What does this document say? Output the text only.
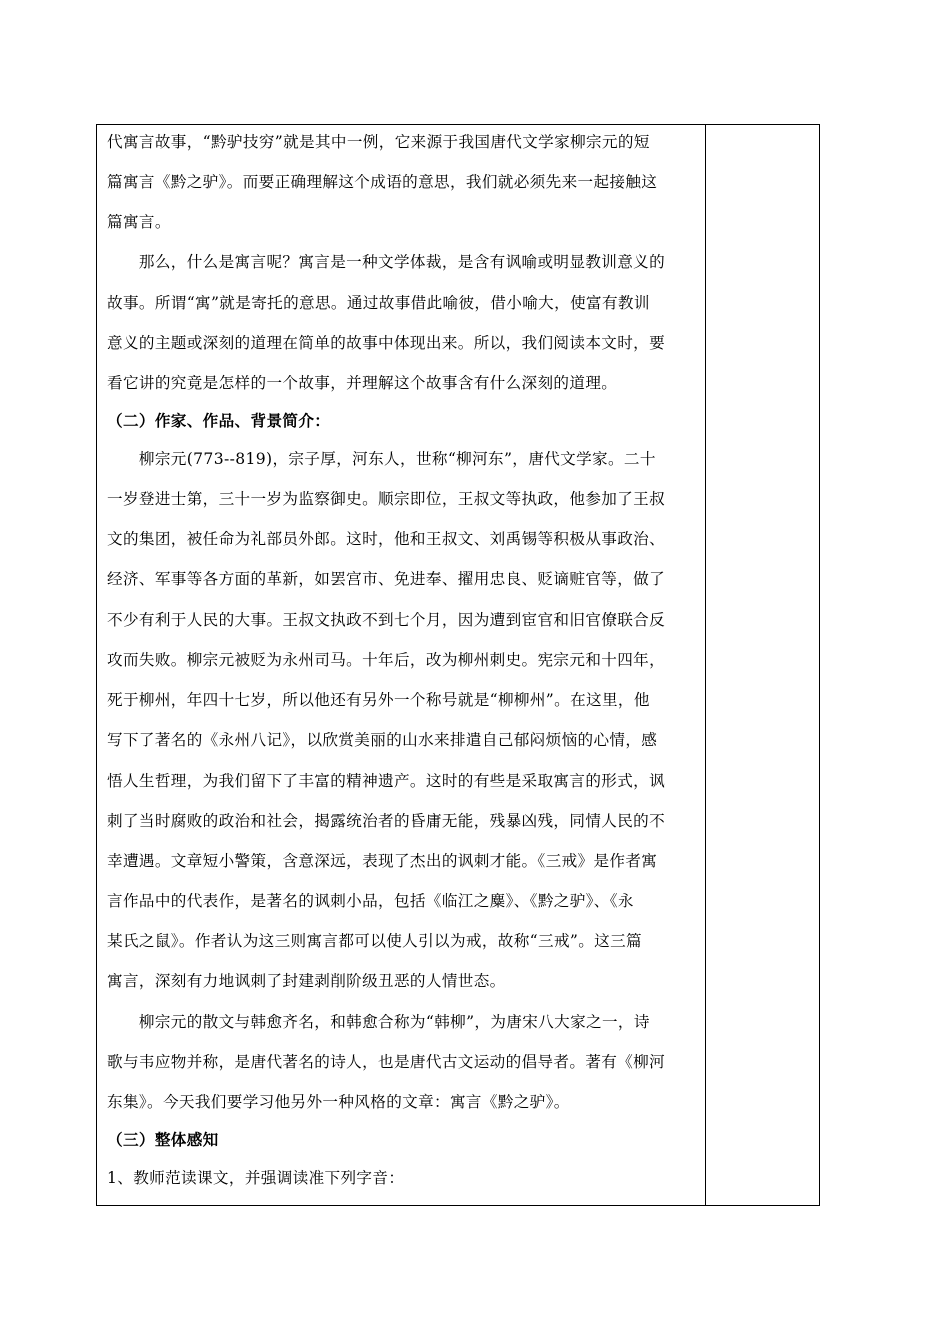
代寓言故事，“黔驴技穷”就是其中一例，它来源于我国唐代文学家柳宗元的短
篇寓言《黔之驴》。而要正确理解这个成语的意思，我们就必须先来一起接触这
篇寓言。
　　那么，什么是寓言呢？寓言是一种文学体裁，是含有讽喻或明显教训意义的
故事。所谓“寓”就是寄托的意思。通过故事借此喻彼，借小喻大，使富有教训
意义的主题或深刻的道理在简单的故事中体现出来。所以，我们阅读本文时，要
看它讲的究竟是怎样的一个故事，并理解这个故事含有什么深刻的道理。
（二）作家、作品、背景简介：
　　柳宗元(773--819)，宗子厚，河东人，世称“柳河东”，唐代文学家。二十
一岁登进士第，三十一岁为监察御史。顺宗即位，王叔文等执政，他参加了王叔
文的集团，被任命为礼部员外郎。这时，他和王叔文、刘禹锡等积极从事政治、
经济、军事等各方面的革新，如罢宫市、免进奉、擢用忠良、贬谪赃官等，做了
不少有利于人民的大事。王叔文执政不到七个月，因为遭到宦官和旧官僚联合反
攻而失败。柳宗元被贬为永州司马。十年后，改为柳州刺史。宪宗元和十四年，
死于柳州，年四十七岁，所以他还有另外一个称号就是“柳柳州”。在这里，他
写下了著名的《永州八记》，以欣赏美丽的山水来排遣自己郁闷烦恼的心情，感
悟人生哲理，为我们留下了丰富的精神遗产。这时的有些是采取寓言的形式，讽
刺了当时腐败的政治和社会，揭露统治者的昏庸无能，残暴凶残，同情人民的不
幸遭遇。文章短小警策，含意深远，表现了杰出的讽刺才能。《三戒》是作者寓
言作品中的代表作，是著名的讽刺小品，包括《临江之麋》、《黔之驴》、《永
某氏之鼠》。作者认为这三则寓言都可以使人引以为戒，故称“三戒”。这三篇
寓言，深刻有力地讽刺了封建剥削阶级丑恶的人情世态。
　　柳宗元的散文与韩愈齐名，和韩愈合称为“韩柳”，为唐宋八大家之一，诗
歌与韦应物并称，是唐代著名的诗人，也是唐代古文运动的倡导者。著有《柳河
东集》。今天我们要学习他另外一种风格的文章：寓言《黔之驴》。
（三）整体感知
1、教师范读课文，并强调读准下列字音：
